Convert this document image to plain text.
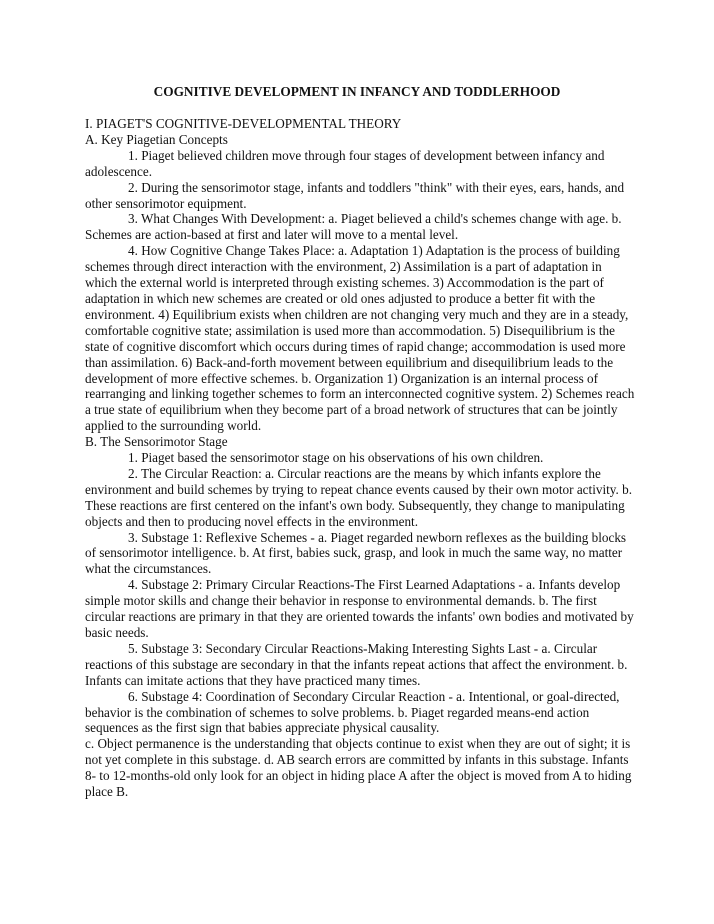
COGNITIVE DEVELOPMENT IN INFANCY AND TODDLERHOOD

I. PIAGET'S COGNITIVE-DEVELOPMENTAL THEORY

A. Key Piagetian Concepts

1. Piaget believed children move through four stages of development between infancy and adolescence.

2. During the sensorimotor stage, infants and toddlers "think" with their eyes, ears, hands, and other sensorimotor equipment.

3. What Changes With Development: a. Piaget believed a child's schemes change with age. b. Schemes are action-based at first and later will move to a mental level.

4. How Cognitive Change Takes Place: a. Adaptation 1) Adaptation is the process of building schemes through direct interaction with the environment, 2) Assimilation is a part of adaptation in which the external world is interpreted through existing schemes. 3) Accommodation is the part of adaptation in which new schemes are created or old ones adjusted to produce a better fit with the environment. 4) Equilibrium exists when children are not changing very much and they are in a steady, comfortable cognitive state; assimilation is used more than accommodation. 5) Disequilibrium is the state of cognitive discomfort which occurs during times of rapid change; accommodation is used more than assimilation. 6) Back-and-forth movement between equilibrium and disequilibrium leads to the development of more effective schemes. b. Organization 1) Organization is an internal process of rearranging and linking together schemes to form an interconnected cognitive system. 2) Schemes reach a true state of equilibrium when they become part of a broad network of structures that can be jointly applied to the surrounding world.

B. The Sensorimotor Stage

1. Piaget based the sensorimotor stage on his observations of his own children.

2. The Circular Reaction: a. Circular reactions are the means by which infants explore the environment and build schemes by trying to repeat chance events caused by their own motor activity. b. These reactions are first centered on the infant's own body. Subsequently, they change to manipulating objects and then to producing novel effects in the environment.

3. Substage 1: Reflexive Schemes - a. Piaget regarded newborn reflexes as the building blocks of sensorimotor intelligence. b. At first, babies suck, grasp, and look in much the same way, no matter what the circumstances.

4. Substage 2: Primary Circular Reactions-The First Learned Adaptations - a. Infants develop simple motor skills and change their behavior in response to environmental demands. b. The first circular reactions are primary in that they are oriented towards the infants' own bodies and motivated by basic needs.

5. Substage 3: Secondary Circular Reactions-Making Interesting Sights Last - a. Circular reactions of this substage are secondary in that the infants repeat actions that affect the environment. b. Infants can imitate actions that they have practiced many times.

6. Substage 4: Coordination of Secondary Circular Reaction - a. Intentional, or goal-directed, behavior is the combination of schemes to solve problems. b. Piaget regarded means-end action sequences as the first sign that babies appreciate physical causality.

c. Object permanence is the understanding that objects continue to exist when they are out of sight; it is not yet complete in this substage. d. AB search errors are committed by infants in this substage. Infants 8- to 12-months-old only look for an object in hiding place A after the object is moved from A to hiding place B.
